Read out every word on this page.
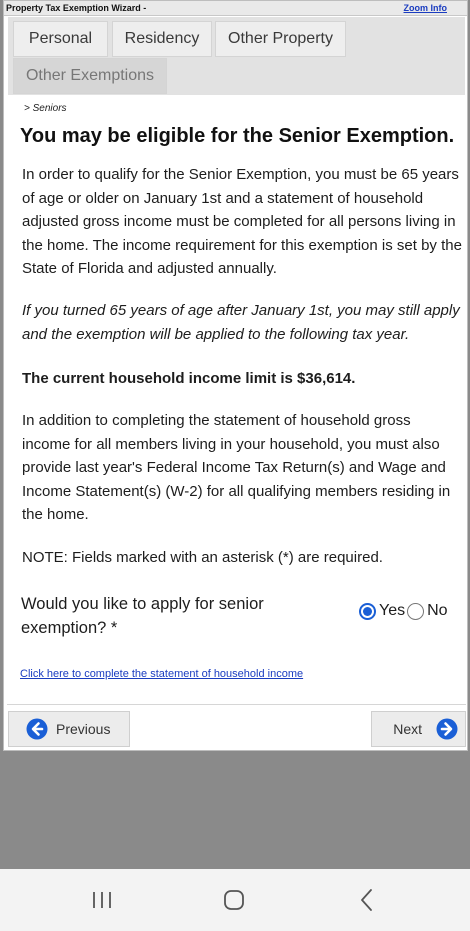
Property Tax Exemption Wizard -	Zoom Info
Personal	Residency	Other Property
Other Exemptions
> Seniors
You may be eligible for the Senior Exemption.

In order to qualify for the Senior Exemption, you must be 65 years of age or older on January 1st and a statement of household adjusted gross income must be completed for all persons living in the home. The income requirement for this exemption is set by the State of Florida and adjusted annually.

If you turned 65 years of age after January 1st, you may still apply and the exemption will be applied to the following tax year.

The current household income limit is $36,614.

In addition to completing the statement of household gross income for all members living in your household, you must also provide last year's Federal Income Tax Return(s) and Wage and Income Statement(s) (W-2) for all qualifying members residing in the home.

NOTE: Fields marked with an asterisk (*) are required.

Would you like to apply for senior exemption? *
Yes No
Click here to complete the statement of household income
Previous	Next
